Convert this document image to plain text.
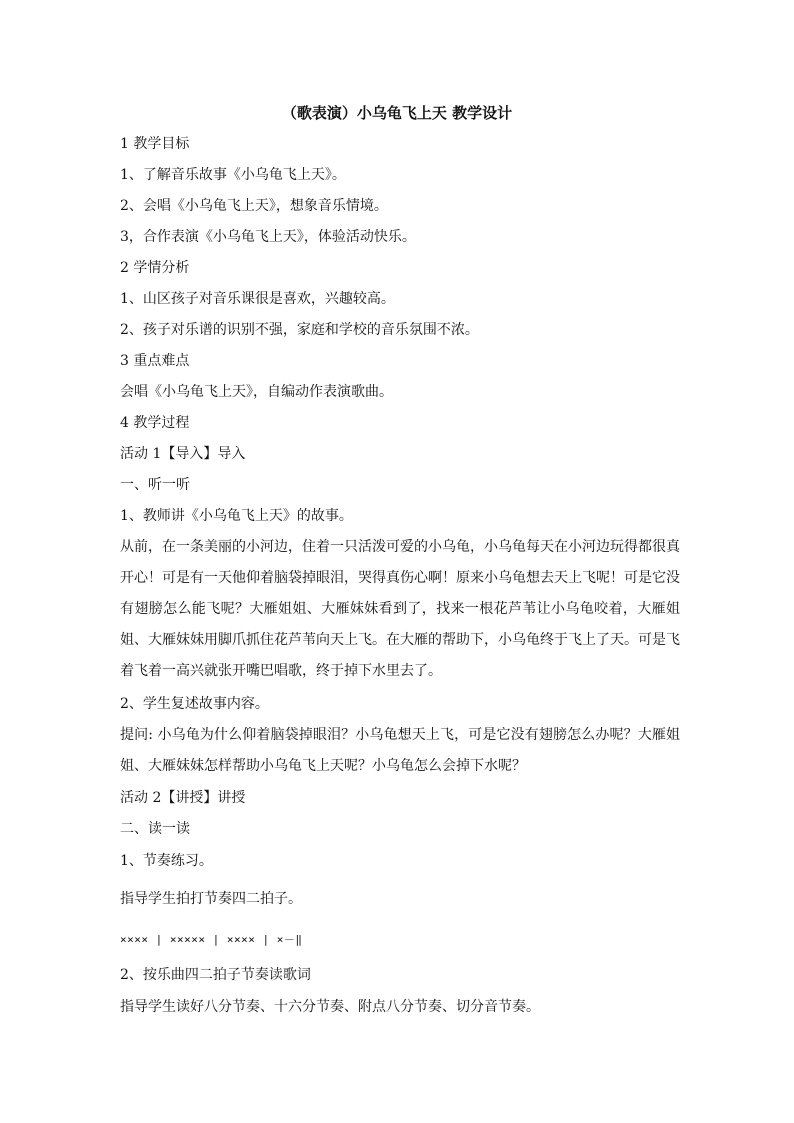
（歌表演）小乌龟飞上天 教学设计
1 教学目标
1、了解音乐故事《小乌龟飞上天》。
2、会唱《小乌龟飞上天》，想象音乐情境。
3，合作表演《小乌龟飞上天》，体验活动快乐。
2 学情分析
1、山区孩子对音乐课很是喜欢，兴趣较高。
2、孩子对乐谱的识别不强，家庭和学校的音乐氛围不浓。
3 重点难点
会唱《小乌龟飞上天》，自编动作表演歌曲。
4 教学过程
活动 1【导入】导入
一、听一听
1、教师讲《小乌龟飞上天》的故事。
从前，在一条美丽的小河边，住着一只活泼可爱的小乌龟，小乌龟每天在小河边玩得都很真开心！可是有一天他仰着脑袋掉眼泪，哭得真伤心啊！原来小乌龟想去天上飞呢！可是它没有翅膀怎么能飞呢？大雁姐姐、大雁妹妹看到了，找来一根花芦苇让小乌龟咬着，大雁姐姐、大雁妹妹用脚爪抓住花芦苇向天上飞。在大雁的帮助下，小乌龟终于飞上了天。可是飞着飞着一高兴就张开嘴巴唱歌，终于掉下水里去了。
2、学生复述故事内容。
提问: 小乌龟为什么仰着脑袋掉眼泪？小乌龟想天上飞，可是它没有翅膀怎么办呢？大雁姐姐、大雁妹妹怎样帮助小乌龟飞上天呢？小乌龟怎么会掉下水呢？
活动 2【讲授】讲授
二、读一读
1、节奏练习。
指导学生拍打节奏四二拍子。
×××× | ××××× | ×××× | ×－‖
2、按乐曲四二拍子节奏读歌词
指导学生读好八分节奏、十六分节奏、附点八分节奏、切分音节奏。
